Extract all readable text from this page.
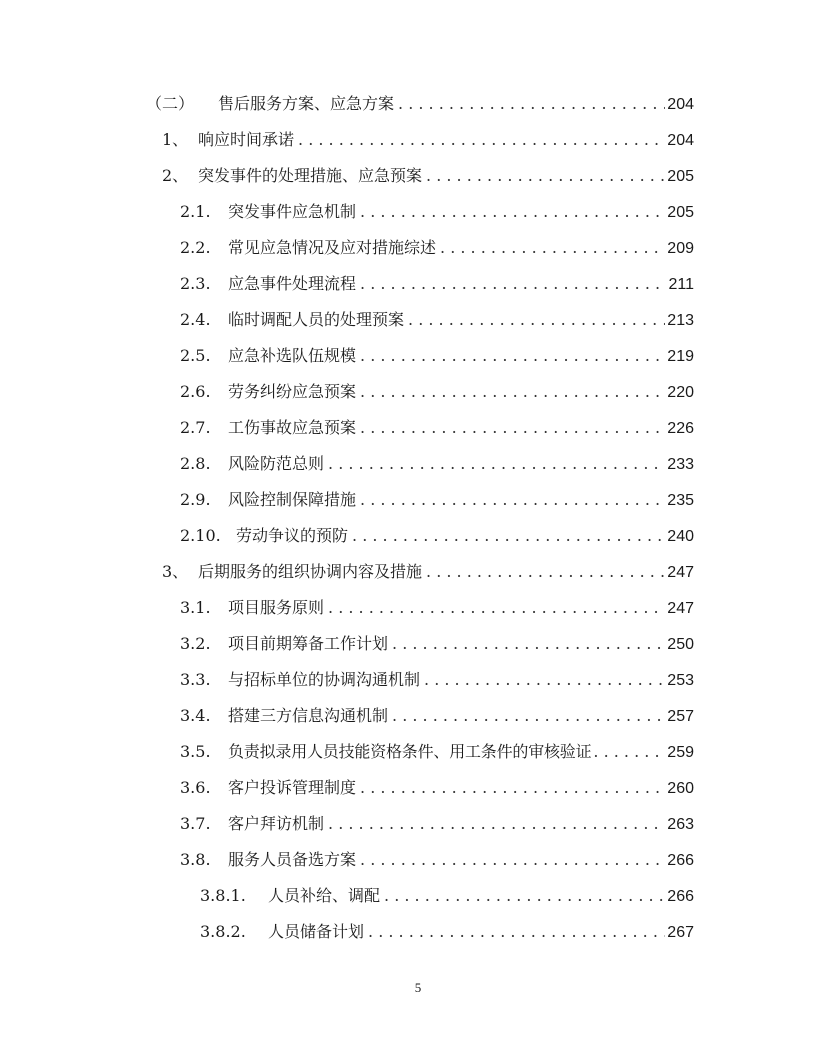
（二） 售后服务方案、应急方案 . . .	204
1、 响应时间承诺 . . .	204
2、 突发事件的处理措施、应急预案 . . .	205
2.1.	突发事件应急机制 . . .	205
2.2.	常见应急情况及应对措施综述 . . .	209
2.3.	应急事件处理流程 . . .	211
2.4.	临时调配人员的处理预案 . . .	213
2.5.	应急补选队伍规模 . . .	219
2.6.	劳务纠纷应急预案 . . .	220
2.7.	工伤事故应急预案 . . .	226
2.8.	风险防范总则 . . .	233
2.9.	风险控制保障措施 . . .	235
2.10. 劳动争议的预防 . . .	240
3、 后期服务的组织协调内容及措施 . . .	247
3.1.	项目服务原则 . . .	247
3.2.	项目前期筹备工作计划 . . .	250
3.3.	与招标单位的协调沟通机制 . . .	253
3.4.	搭建三方信息沟通机制 . . .	257
3.5.	负责拟录用人员技能资格条件、用工条件的审核验证 . . .	259
3.6.	客户投诉管理制度 . . .	260
3.7.	客户拜访机制 . . .	263
3.8.	服务人员备选方案 . . .	266
3.8.1.	人员补给、调配 . . .	266
3.8.2.	人员储备计划 . . .	267
5
